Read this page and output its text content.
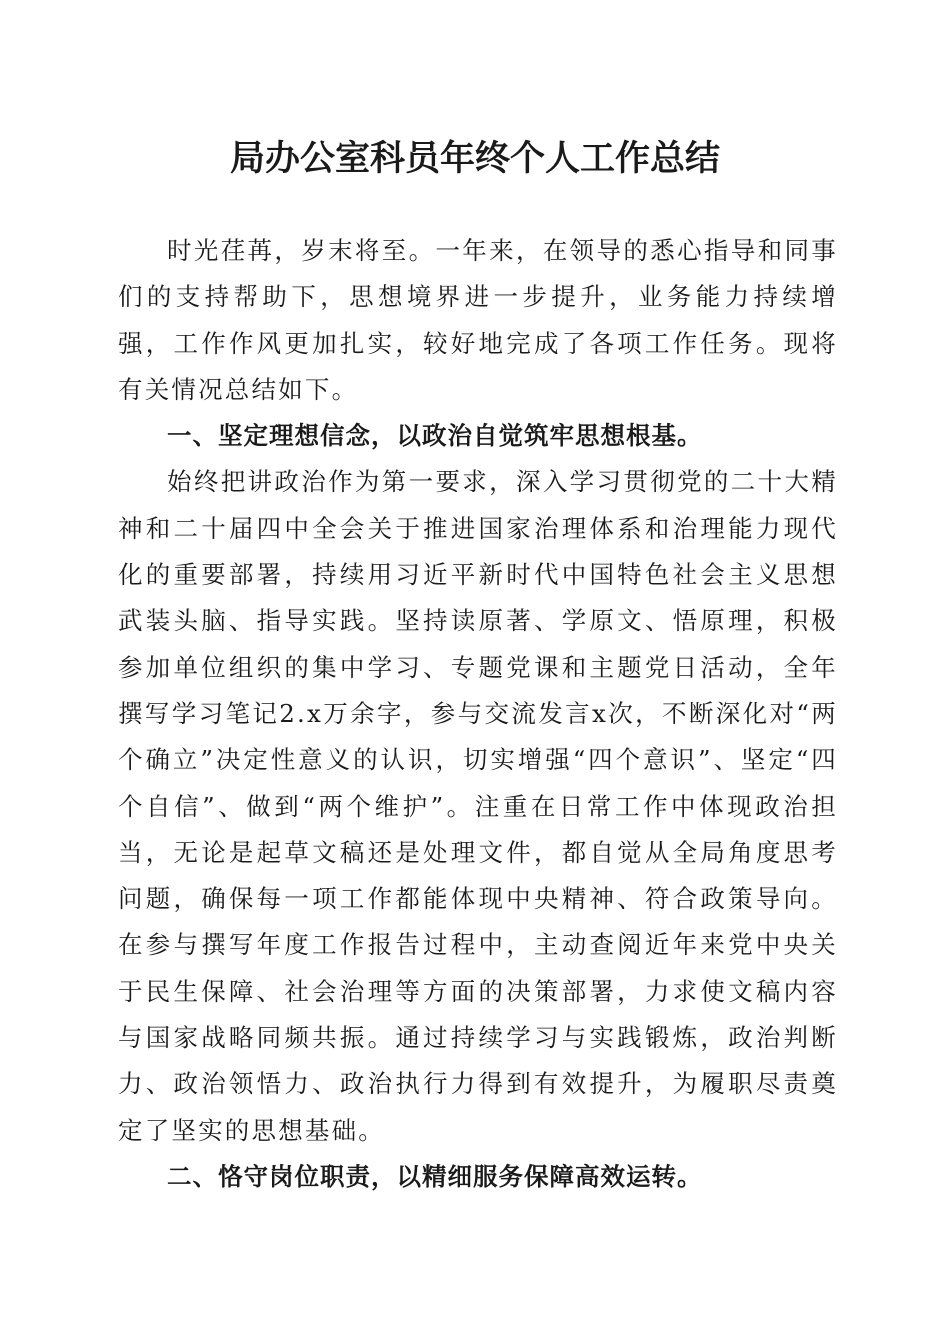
局办公室科员年终个人工作总结

时光荏苒，岁末将至。一年来，在领导的悉心指导和同事们的支持帮助下，思想境界进一步提升，业务能力持续增强，工作作风更加扎实，较好地完成了各项工作任务。现将有关情况总结如下。

一、坚定理想信念，以政治自觉筑牢思想根基。

始终把讲政治作为第一要求，深入学习贯彻党的二十大精神和二十届四中全会关于推进国家治理体系和治理能力现代化的重要部署，持续用习近平新时代中国特色社会主义思想武装头脑、指导实践。坚持读原著、学原文、悟原理，积极参加单位组织的集中学习、专题党课和主题党日活动，全年撰写学习笔记2.x万余字，参与交流发言x次，不断深化对“两个确立”决定性意义的认识，切实增强“四个意识”、坚定“四个自信”、做到“两个维护”。注重在日常工作中体现政治担当，无论是起草文稿还是处理文件，都自觉从全局角度思考问题，确保每一项工作都能体现中央精神、符合政策导向。在参与撰写年度工作报告过程中，主动查阅近年来党中央关于民生保障、社会治理等方面的决策部署，力求使文稿内容与国家战略同频共振。通过持续学习与实践锻炼，政治判断力、政治领悟力、政治执行力得到有效提升，为履职尽责奠定了坚实的思想基础。

二、恪守岗位职责，以精细服务保障高效运转。
